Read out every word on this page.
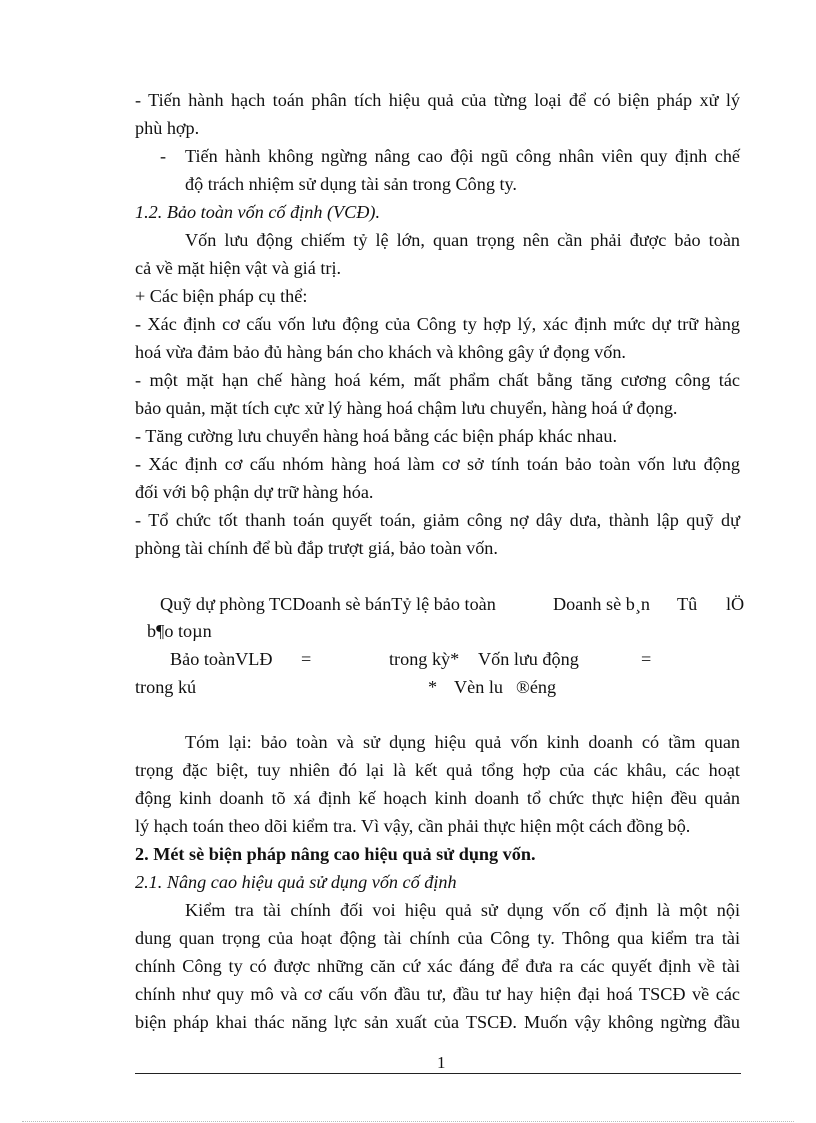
- Tiến hành hạch toán phân tích hiệu quả của từng loại để có biện pháp xử lý
phù hợp.
- Tiến hành không ngừng nâng cao đội ngũ công nhân viên quy định chế
độ trách nhiệm sử dụng tài sản trong Công ty.
1.2. Bảo toàn vốn cố định (VCĐ).
Vốn lưu động chiếm tỷ lệ lớn, quan trọng nên cần phải được bảo toàn
cả về mặt hiện vật và giá trị.
+ Các biện pháp cụ thể:
- Xác định cơ cấu vốn lưu động của Công ty hợp lý, xác định mức dự trữ hàng
hoá vừa đảm bảo đủ hàng bán cho khách và không gây ứ đọng vốn.
- một mặt hạn chế hàng hoá kém, mất phẩm chất bằng tăng cương công tác
bảo quản, mặt tích cực xử lý hàng hoá chậm lưu chuyển, hàng hoá ứ đọng.
- Tăng cường lưu chuyển hàng hoá bằng các biện pháp khác nhau.
- Xác định cơ cấu nhóm hàng hoá làm cơ sở tính toán bảo toàn vốn lưu động
đối với bộ phận dự trữ hàng hóa.
- Tổ chức tốt thanh toán quyết toán, giảm công nợ dây dưa, thành lập quỹ dự
phòng tài chính để bù đắp trượt giá, bảo toàn vốn.
Quỹ dự phòng TCDoanh sè bánTỷ lệ bảo toàn	Doanh sè b¸n Tû lÖ
b¶o toµn
Bảo toànVLĐ =	trong kỳ* Vốn lưu động	=
trong kú	* Vèn lu ®éng
Tóm lại: bảo toàn và sử dụng hiệu quả vốn kinh doanh có tầm quan
trọng đặc biệt, tuy nhiên đó lại là kết quả tổng hợp của các khâu, các hoạt
động kinh doanh tõ xá định kế hoạch kinh doanh tổ chức thực hiện đều quản
lý hạch toán theo dõi kiểm tra. Vì vậy, cần phải thực hiện một cách đồng bộ.
2. Mét sè biện pháp nâng cao hiệu quả sử dụng vốn.
2.1. Nâng cao hiệu quả sử dụng vốn cố định
Kiểm tra tài chính đối voi hiệu quả sử dụng vốn cố định là một nội
dung quan trọng của hoạt động tài chính của Công ty. Thông qua kiểm tra tài
chính Công ty có được những căn cứ xác đáng để đưa ra các quyết định về tài
chính như quy mô và cơ cấu vốn đầu tư, đầu tư hay hiện đại hoá TSCĐ về các
biện pháp khai thác năng lực sản xuất của TSCĐ. Muốn vậy không ngừng đầu
1
